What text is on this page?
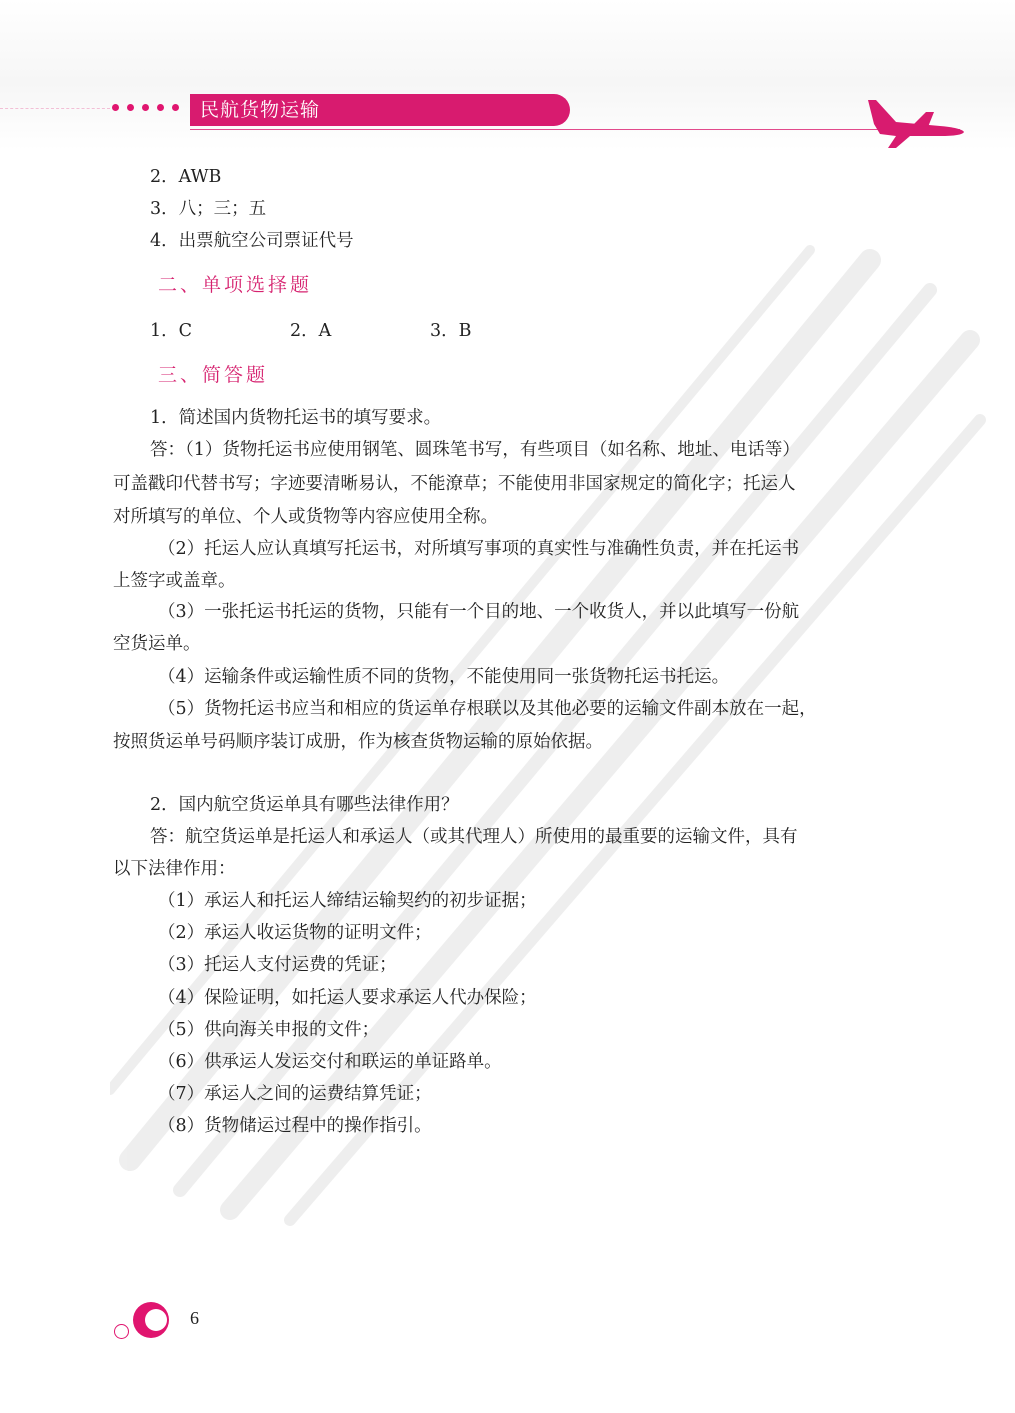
民航货物运输
2．AWB
3．八；三；五
4．出票航空公司票证代号
二、单项选择题
1．C	2．A	3．B
三、简答题
1．简述国内货物托运书的填写要求。
答：（1）货物托运书应使用钢笔、圆珠笔书写，有些项目（如名称、地址、电话等）
可盖戳印代替书写；字迹要清晰易认，不能潦草；不能使用非国家规定的简化字；托运人
对所填写的单位、个人或货物等内容应使用全称。
（2）托运人应认真填写托运书，对所填写事项的真实性与准确性负责，并在托运书
上签字或盖章。
（3）一张托运书托运的货物，只能有一个目的地、一个收货人，并以此填写一份航
空货运单。
（4）运输条件或运输性质不同的货物，不能使用同一张货物托运书托运。
（5）货物托运书应当和相应的货运单存根联以及其他必要的运输文件副本放在一起，
按照货运单号码顺序装订成册，作为核查货物运输的原始依据。
2．国内航空货运单具有哪些法律作用？
答：航空货运单是托运人和承运人（或其代理人）所使用的最重要的运输文件，具有
以下法律作用：
（1）承运人和托运人缔结运输契约的初步证据；
（2）承运人收运货物的证明文件；
（3）托运人支付运费的凭证；
（4）保险证明，如托运人要求承运人代办保险；
（5）供向海关申报的文件；
（6）供承运人发运交付和联运的单证路单。
（7）承运人之间的运费结算凭证；
（8）货物储运过程中的操作指引。
6
